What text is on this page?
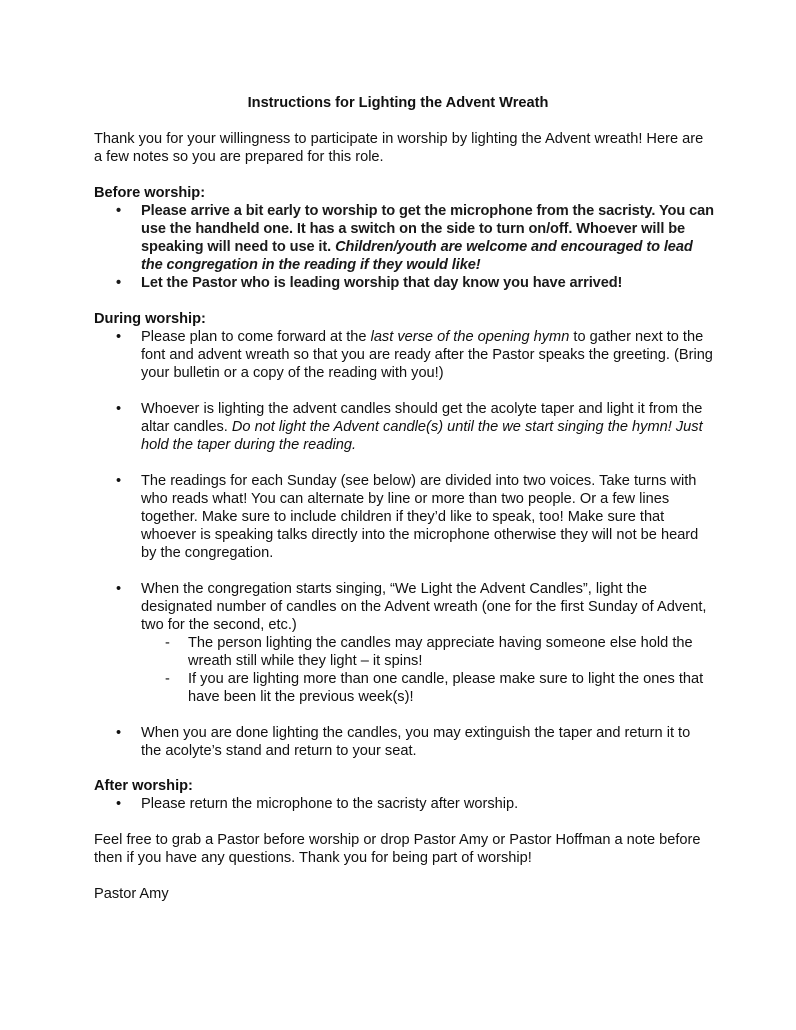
Instructions for Lighting the Advent Wreath

Thank you for your willingness to participate in worship by lighting the Advent wreath! Here are a few notes so you are prepared for this role.

Before worship:

• Please arrive a bit early to worship to get the microphone from the sacristy. You can use the handheld one. It has a switch on the side to turn on/off. Whoever will be speaking will need to use it. Children/youth are welcome and encouraged to lead the congregation in the reading if they would like!
• Let the Pastor who is leading worship that day know you have arrived!

During worship:

• Please plan to come forward at the last verse of the opening hymn to gather next to the font and advent wreath so that you are ready after the Pastor speaks the greeting. (Bring your bulletin or a copy of the reading with you!)
• Whoever is lighting the advent candles should get the acolyte taper and light it from the altar candles. Do not light the Advent candle(s) until the we start singing the hymn! Just hold the taper during the reading.
• The readings for each Sunday (see below) are divided into two voices. Take turns with who reads what! You can alternate by line or more than two people. Or a few lines together. Make sure to include children if they’d like to speak, too! Make sure that whoever is speaking talks directly into the microphone otherwise they will not be heard by the congregation.
• When the congregation starts singing, “We Light the Advent Candles”, light the designated number of candles on the Advent wreath (one for the first Sunday of Advent, two for the second, etc.)
- The person lighting the candles may appreciate having someone else hold the wreath still while they light – it spins!
- If you are lighting more than one candle, please make sure to light the ones that have been lit the previous week(s)!
• When you are done lighting the candles, you may extinguish the taper and return it to the acolyte’s stand and return to your seat.

After worship:

• Please return the microphone to the sacristy after worship.

Feel free to grab a Pastor before worship or drop Pastor Amy or Pastor Hoffman a note before then if you have any questions. Thank you for being part of worship!

Pastor Amy
